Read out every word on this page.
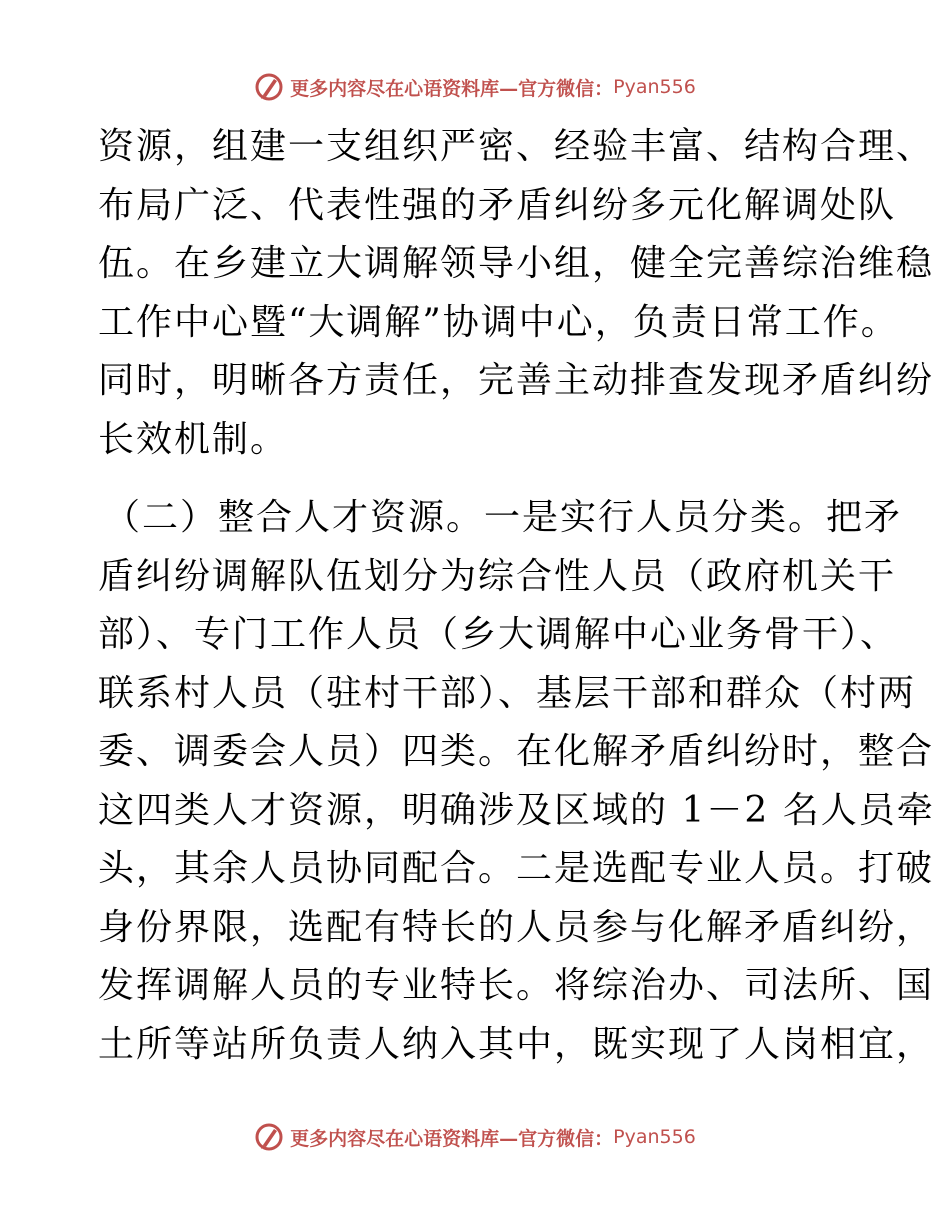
更多内容尽在心语资料库—官方微信： Pyan556
资源，组建一支组织严密、经验丰富、结构合理、
布局广泛、代表性强的矛盾纠纷多元化解调处队
伍。在乡建立大调解领导小组，健全完善综治维稳
工作中心暨“大调解”协调中心，负责日常工作。
同时，明晰各方责任，完善主动排查发现矛盾纠纷
长效机制。
（二）整合人才资源。一是实行人员分类。把矛
盾纠纷调解队伍划分为综合性人员（政府机关干
部）、专门工作人员（乡大调解中心业务骨干）、
联系村人员（驻村干部）、基层干部和群众（村两
委、调委会人员）四类。在化解矛盾纠纷时，整合
这四类人才资源，明确涉及区域的 1－2 名人员牵
头，其余人员协同配合。二是选配专业人员。打破
身份界限，选配有特长的人员参与化解矛盾纠纷，
发挥调解人员的专业特长。将综治办、司法所、国
土所等站所负责人纳入其中，既实现了人岗相宜，
更多内容尽在心语资料库—官方微信： Pyan556
